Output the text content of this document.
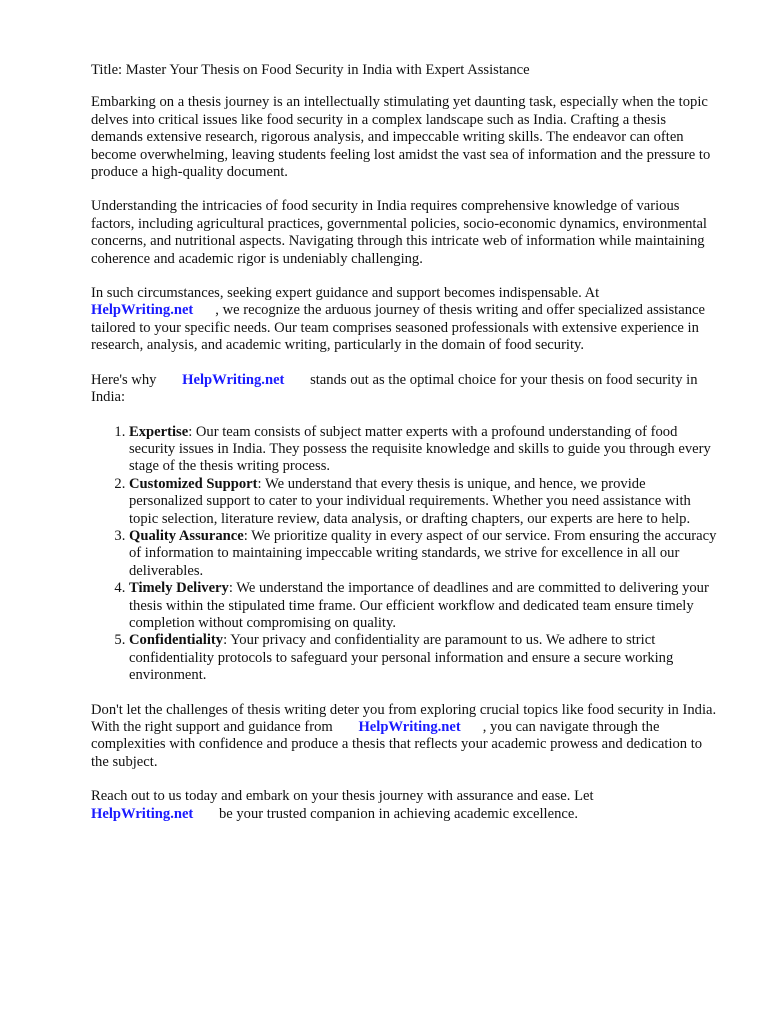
Title: Master Your Thesis on Food Security in India with Expert Assistance

Embarking on a thesis journey is an intellectually stimulating yet daunting task, especially when the topic delves into critical issues like food security in a complex landscape such as India. Crafting a thesis demands extensive research, rigorous analysis, and impeccable writing skills. The endeavor can often become overwhelming, leaving students feeling lost amidst the vast sea of information and the pressure to produce a high-quality document.

Understanding the intricacies of food security in India requires comprehensive knowledge of various factors, including agricultural practices, governmental policies, socio-economic dynamics, environmental concerns, and nutritional aspects. Navigating through this intricate web of information while maintaining coherence and academic rigor is undeniably challenging.

In such circumstances, seeking expert guidance and support becomes indispensable. At
HelpWriting.net , we recognize the arduous journey of thesis writing and offer specialized assistance tailored to your specific needs. Our team comprises seasoned professionals with extensive experience in research, analysis, and academic writing, particularly in the domain of food security.

Here's why HelpWriting.net stands out as the optimal choice for your thesis on food security in India:

1. Expertise: Our team consists of subject matter experts with a profound understanding of food security issues in India. They possess the requisite knowledge and skills to guide you through every stage of the thesis writing process.
2. Customized Support: We understand that every thesis is unique, and hence, we provide personalized support to cater to your individual requirements. Whether you need assistance with topic selection, literature review, data analysis, or drafting chapters, our experts are here to help.
3. Quality Assurance: We prioritize quality in every aspect of our service. From ensuring the accuracy of information to maintaining impeccable writing standards, we strive for excellence in all our deliverables.
4. Timely Delivery: We understand the importance of deadlines and are committed to delivering your thesis within the stipulated time frame. Our efficient workflow and dedicated team ensure timely completion without compromising on quality.
5. Confidentiality: Your privacy and confidentiality are paramount to us. We adhere to strict confidentiality protocols to safeguard your personal information and ensure a secure working environment.

Don't let the challenges of thesis writing deter you from exploring crucial topics like food security in India. With the right support and guidance from HelpWriting.net , you can navigate through the complexities with confidence and produce a thesis that reflects your academic prowess and dedication to the subject.

Reach out to us today and embark on your thesis journey with assurance and ease. Let
HelpWriting.net be your trusted companion in achieving academic excellence.
